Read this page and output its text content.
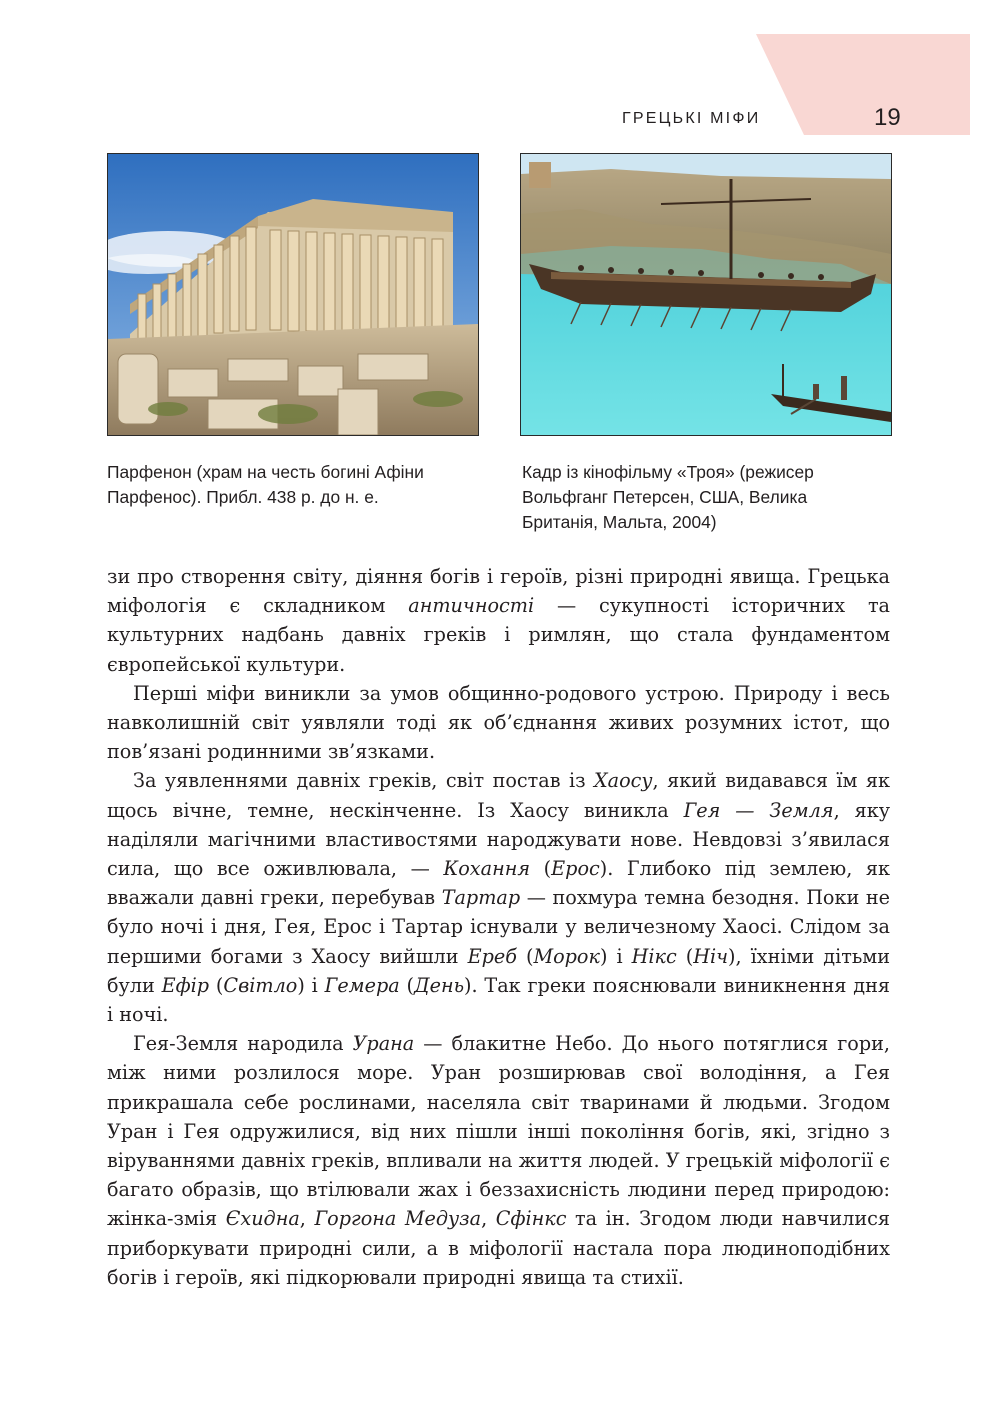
ГРЕЦЬКІ МІФИ	19

Парфенон (храм на честь богині Афіни
Парфенос). Прибл. 438 р. до н. е.

Кадр із кінофільму «Троя» (режисер
Вольфганг Петерсен, США, Велика
Британія, Мальта, 2004)

зи про створення світу, діяння богів і героїв, різні природні явища. Грецька міфологія є складником античності — сукупності історичних та культурних надбань давніх греків і римлян, що стала фундаментом європейської культури.

Перші міфи виникли за умов общинно-родового устрою. Природу і весь навколишній світ уявляли тоді як об’єднання живих розумних істот, що пов’язані родинними зв’язками.

За уявленнями давніх греків, світ постав із Хаосу, який видавався їм як щось вічне, темне, нескінченне. Із Хаосу виникла Гея — Земля, яку наділяли магічними властивостями народжувати нове. Невдовзі з’явилася сила, що все оживлювала, — Кохання (Ерос). Глибоко під землею, як вважали давні греки, перебував Тартар — похмура темна безодня. Поки не було ночі і дня, Гея, Ерос і Тартар існували у величезному Хаосі. Слідом за першими богами з Хаосу вийшли Ереб (Морок) і Нікс (Ніч), їхніми дітьми були Ефір (Світло) і Гемера (День). Так греки пояснювали виникнення дня і ночі.

Гея-Земля народила Урана — блакитне Небо. До нього потяглися гори, між ними розлилося море. Уран розширював свої володіння, а Гея прикрашала себе рослинами, населяла світ тваринами й людьми. Згодом Уран і Гея одружилися, від них пішли інші покоління богів, які, згідно з віруваннями давніх греків, впливали на життя людей. У грецькій міфології є багато образів, що втілювали жах і беззахисність людини перед природою: жінка-змія Єхидна, Горгона Медуза, Сфінкс та ін. Згодом люди навчилися приборкувати природні сили, а в міфології настала пора людиноподібних богів і героїв, які підкорювали природні явища та стихії.
